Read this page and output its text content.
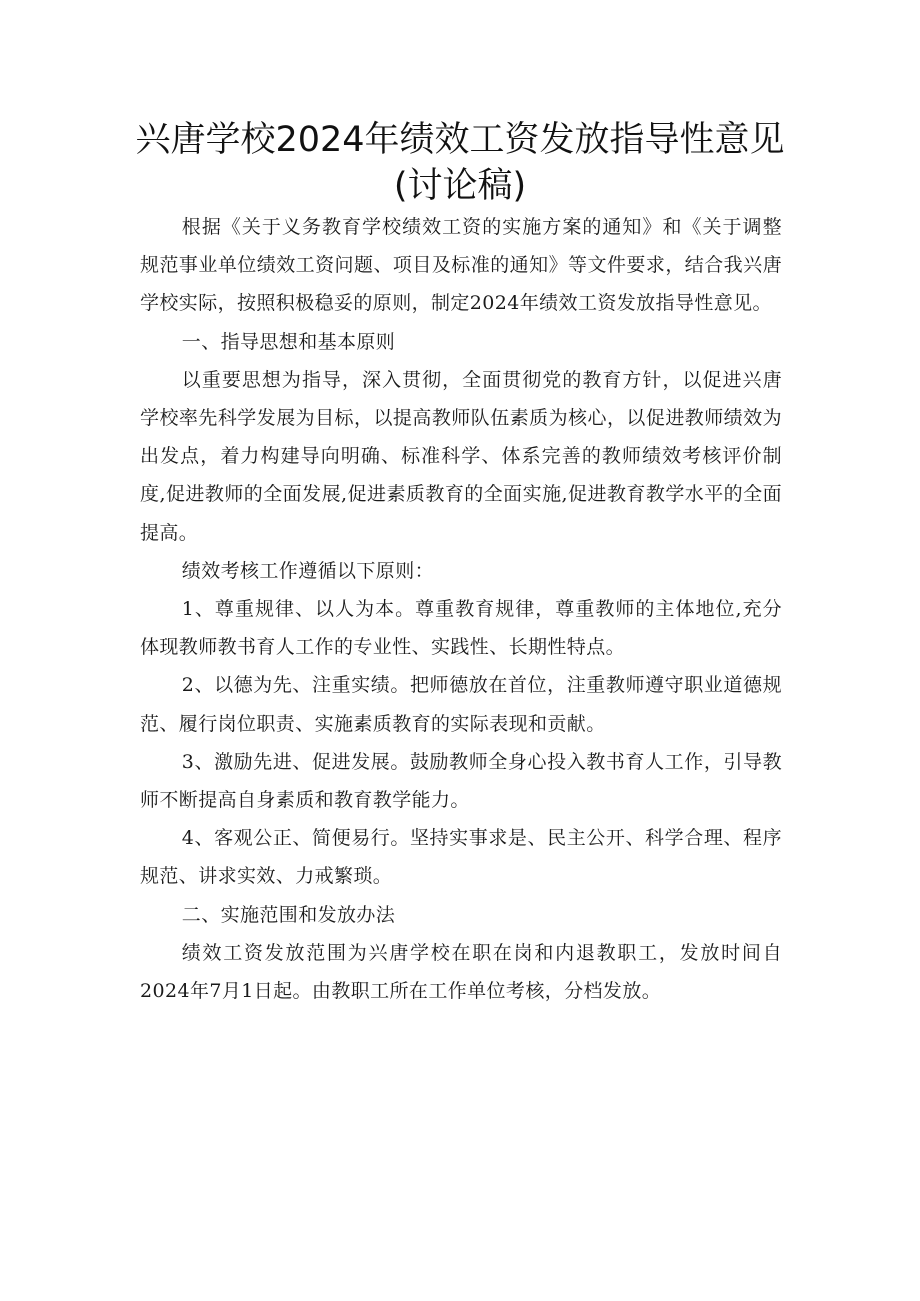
兴唐学校2024年绩效工资发放指导性意见
(讨论稿)

根据《关于义务教育学校绩效工资的实施方案的通知》和《关于调整规范事业单位绩效工资问题、项目及标准的通知》等文件要求，结合我兴唐学校实际，按照积极稳妥的原则，制定2024年绩效工资发放指导性意见。

一、指导思想和基本原则

以重要思想为指导，深入贯彻，全面贯彻党的教育方针，以促进兴唐学校率先科学发展为目标，以提高教师队伍素质为核心，以促进教师绩效为出发点，着力构建导向明确、标准科学、体系完善的教师绩效考核评价制度,促进教师的全面发展,促进素质教育的全面实施,促进教育教学水平的全面提高。

绩效考核工作遵循以下原则：

1、尊重规律、以人为本。尊重教育规律，尊重教师的主体地位,充分体现教师教书育人工作的专业性、实践性、长期性特点。

2、以德为先、注重实绩。把师德放在首位，注重教师遵守职业道德规范、履行岗位职责、实施素质教育的实际表现和贡献。

3、激励先进、促进发展。鼓励教师全身心投入教书育人工作，引导教师不断提高自身素质和教育教学能力。

4、客观公正、简便易行。坚持实事求是、民主公开、科学合理、程序规范、讲求实效、力戒繁琐。

二、实施范围和发放办法

绩效工资发放范围为兴唐学校在职在岗和内退教职工，发放时间自2024年7月1日起。由教职工所在工作单位考核，分档发放。
